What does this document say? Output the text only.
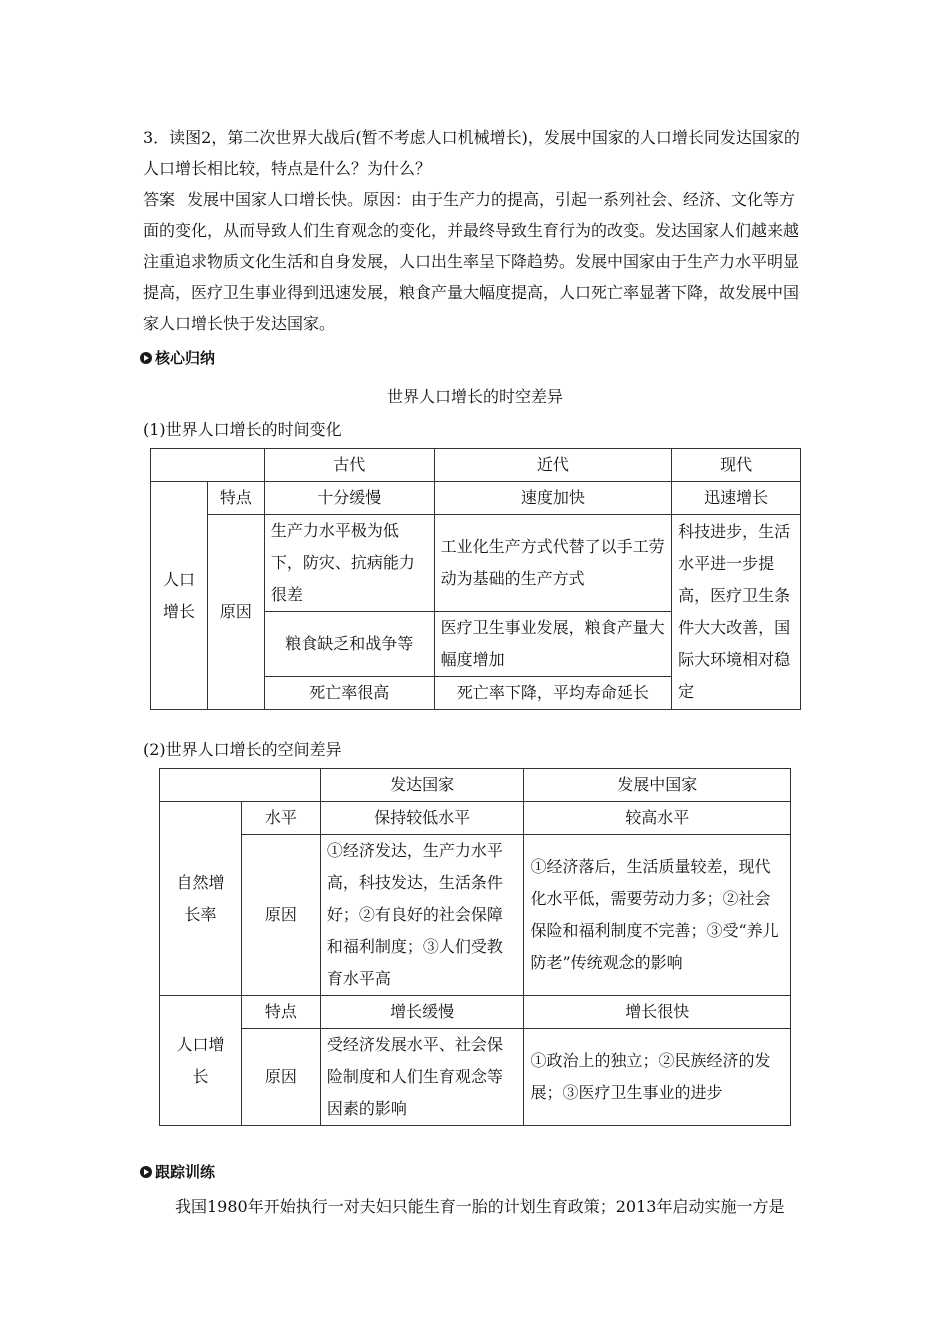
3．读图2，第二次世界大战后(暂不考虑人口机械增长)，发展中国家的人口增长同发达国家的人口增长相比较，特点是什么？为什么？

答案 发展中国家人口增长快。原因：由于生产力的提高，引起一系列社会、经济、文化等方面的变化，从而导致人们生育观念的变化，并最终导致生育行为的改变。发达国家人们越来越注重追求物质文化生活和自身发展，人口出生率呈下降趋势。发展中国家由于生产力水平明显提高，医疗卫生事业得到迅速发展，粮食产量大幅度提高，人口死亡率显著下降，故发展中国家人口增长快于发达国家。

核心归纳
世界人口增长的时空差异
(1)世界人口增长的时间变化
		古代	近代	现代
人口增长	特点	十分缓慢	速度加快	迅速增长
	原因	生产力水平极为低下，防灾、抗病能力很差	工业化生产方式代替了以手工劳动为基础的生产方式	科技进步，生活水平进一步提高，医疗卫生条件大大改善，国际大环境相对稳定
		粮食缺乏和战争等	医疗卫生事业发展，粮食产量大幅度增加	
		死亡率很高	死亡率下降，平均寿命延长	
(2)世界人口增长的空间差异
		发达国家	发展中国家
自然增长率	水平	保持较低水平	较高水平
	原因	①经济发达，生产力水平高，科技发达，生活条件好；②有良好的社会保障和福利制度；③人们受教育水平高	①经济落后，生活质量较差，现代化水平低，需要劳动力多；②社会保险和福利制度不完善；③受“养儿防老”传统观念的影响
人口增长	特点	增长缓慢	增长很快
	原因	受经济发展水平、社会保险制度和人们生育观念等因素的影响	①政治上的独立；②民族经济的发展；③医疗卫生事业的进步
跟踪训练

我国1980年开始执行一对夫妇只能生育一胎的计划生育政策；2013年启动实施一方是
